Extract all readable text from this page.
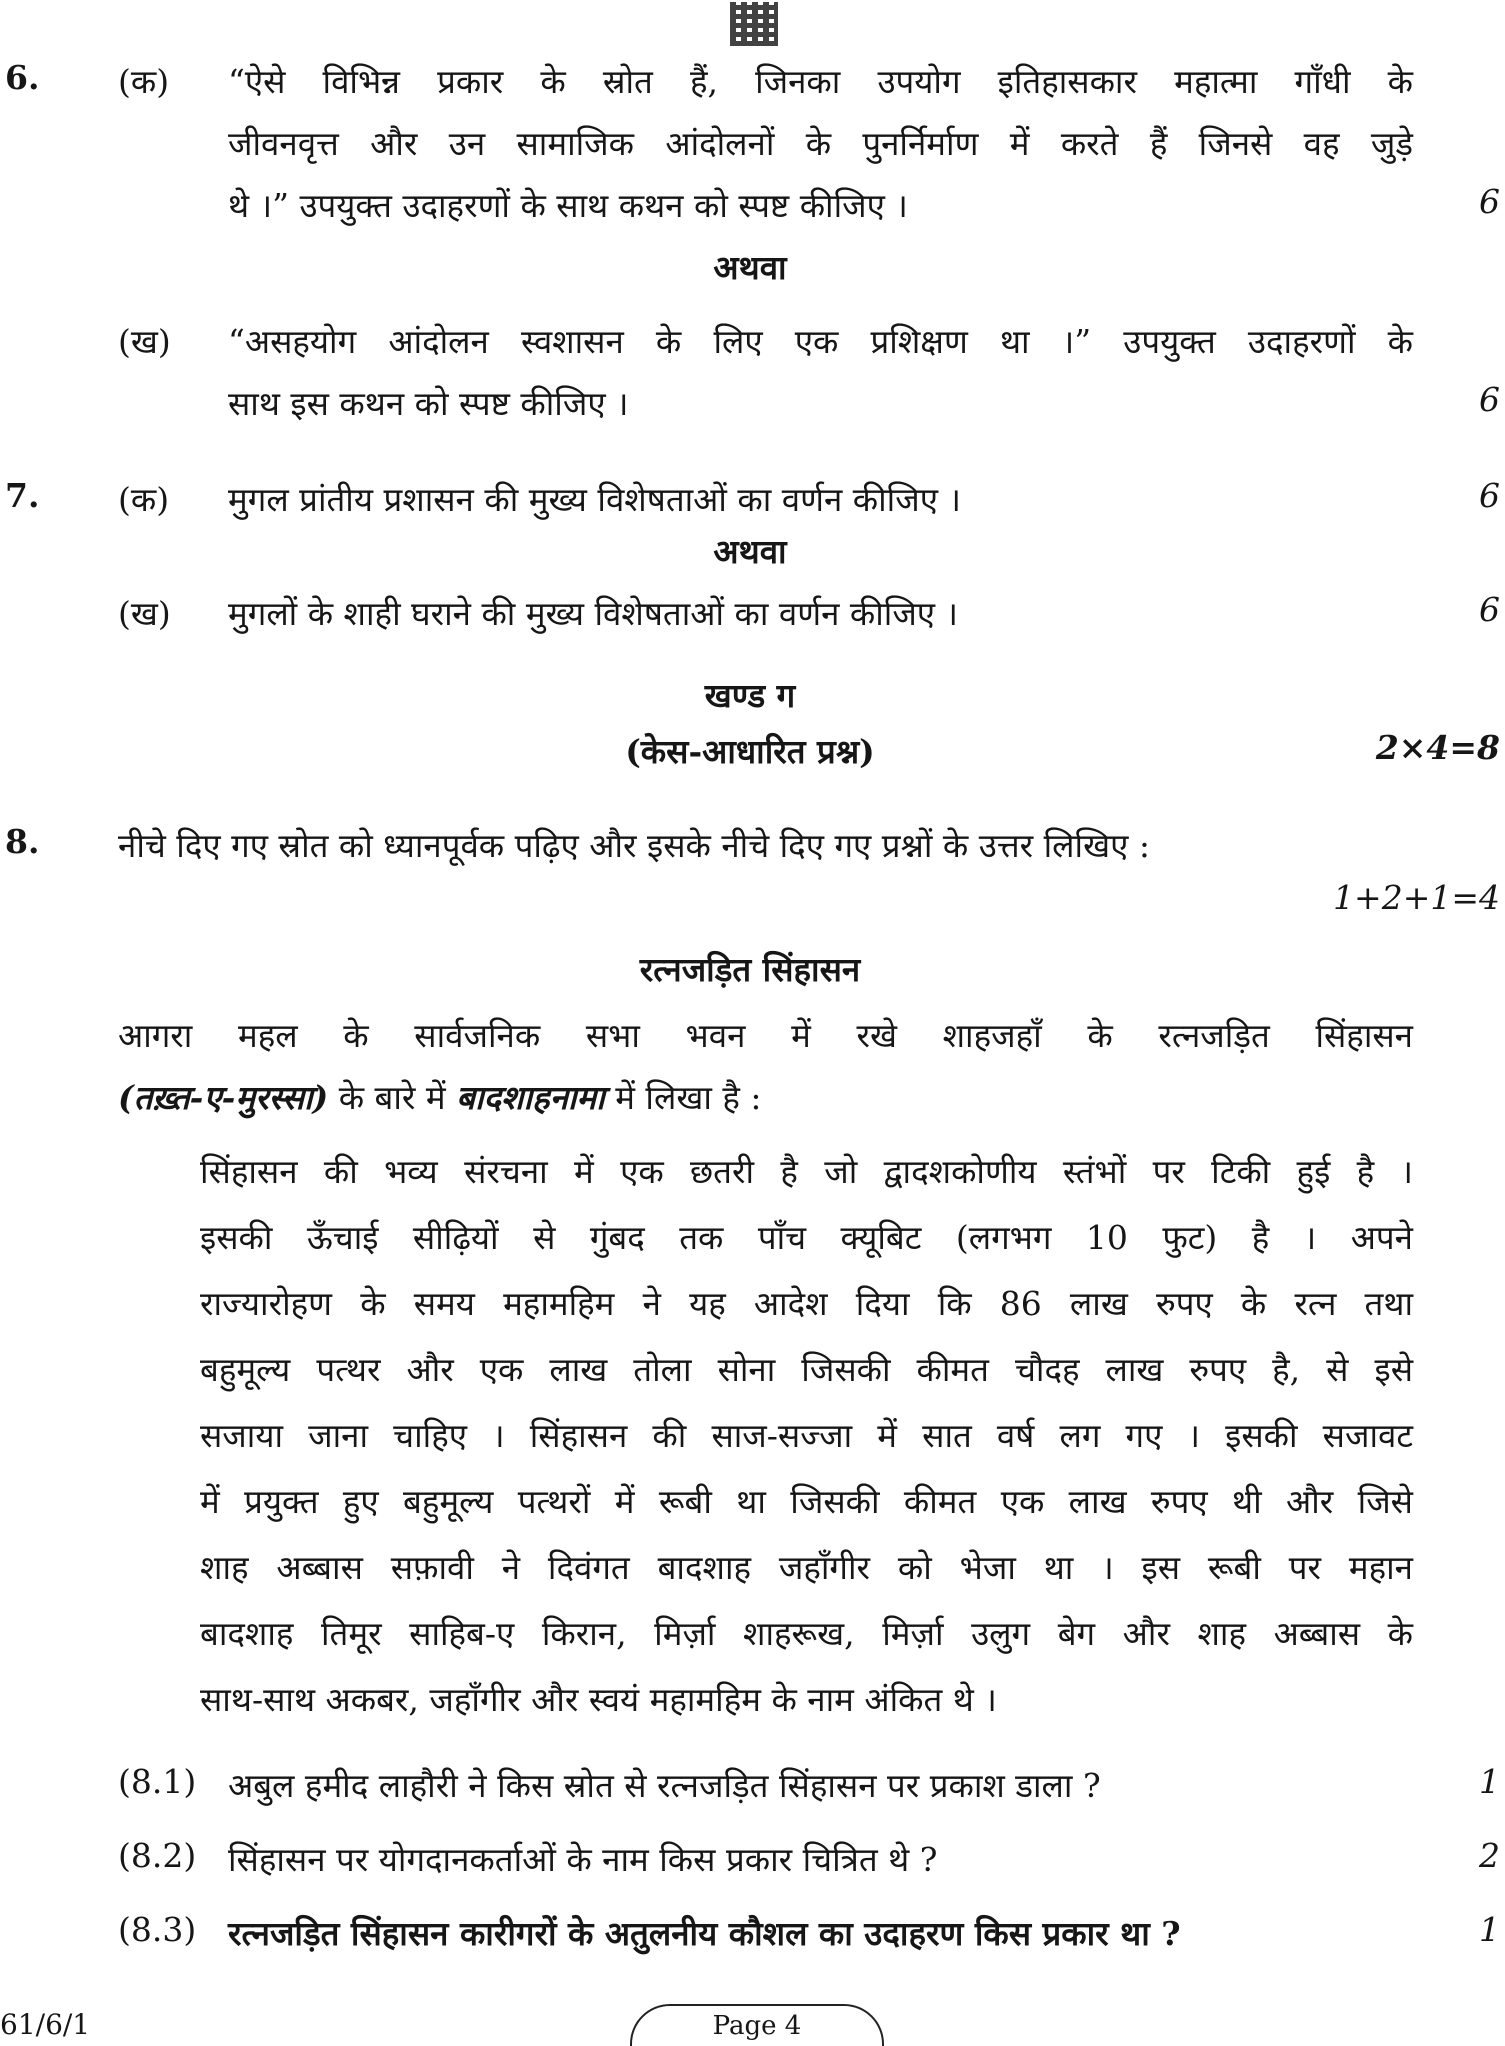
6. (क) “ऐसे विभिन्न प्रकार के स्रोत हैं, जिनका उपयोग इतिहासकार महात्मा गाँधी के
जीवनवृत्त और उन सामाजिक आंदोलनों के पुनर्निर्माण में करते हैं जिनसे वह जुड़े
थे ।” उपयुक्त उदाहरणों के साथ कथन को स्पष्ट कीजिए ।	6
अथवा
(ख) “असहयोग आंदोलन स्वशासन के लिए एक प्रशिक्षण था ।” उपयुक्त उदाहरणों के
साथ इस कथन को स्पष्ट कीजिए ।	6
7. (क) मुगल प्रांतीय प्रशासन की मुख्य विशेषताओं का वर्णन कीजिए ।	6
अथवा
(ख) मुगलों के शाही घराने की मुख्य विशेषताओं का वर्णन कीजिए ।	6
खण्ड ग
(केस-आधारित प्रश्न)	2×4=8
8. नीचे दिए गए स्रोत को ध्यानपूर्वक पढ़िए और इसके नीचे दिए गए प्रश्नों के उत्तर लिखिए :
1+2+1=4
रत्नजड़ित सिंहासन
आगरा महल के सार्वजनिक सभा भवन में रखे शाहजहाँ के रत्नजड़ित सिंहासन
(तख़्त-ए-मुरस्सा) के बारे में बादशाहनामा में लिखा है :
सिंहासन की भव्य संरचना में एक छतरी है जो द्वादशकोणीय स्तंभों पर टिकी हुई है ।
इसकी ऊँचाई सीढ़ियों से गुंबद तक पाँच क्यूबिट (लगभग 10 फुट) है । अपने
राज्यारोहण के समय महामहिम ने यह आदेश दिया कि 86 लाख रुपए के रत्न तथा
बहुमूल्य पत्थर और एक लाख तोला सोना जिसकी कीमत चौदह लाख रुपए है, से इसे
सजाया जाना चाहिए । सिंहासन की साज-सज्जा में सात वर्ष लग गए । इसकी सजावट
में प्रयुक्त हुए बहुमूल्य पत्थरों में रूबी था जिसकी कीमत एक लाख रुपए थी और जिसे
शाह अब्बास सफ़ावी ने दिवंगत बादशाह जहाँगीर को भेजा था । इस रूबी पर महान
बादशाह तिमूर साहिब-ए किरान, मिर्ज़ा शाहरूख, मिर्ज़ा उलुग बेग और शाह अब्बास के
साथ-साथ अकबर, जहाँगीर और स्वयं महामहिम के नाम अंकित थे ।
(8.1) अबुल हमीद लाहौरी ने किस स्रोत से रत्नजड़ित सिंहासन पर प्रकाश डाला ?	1
(8.2) सिंहासन पर योगदानकर्ताओं के नाम किस प्रकार चित्रित थे ?	2
(8.3) रत्नजड़ित सिंहासन कारीगरों के अतुलनीय कौशल का उदाहरण किस प्रकार था ?	1
61/6/1	Page 4
